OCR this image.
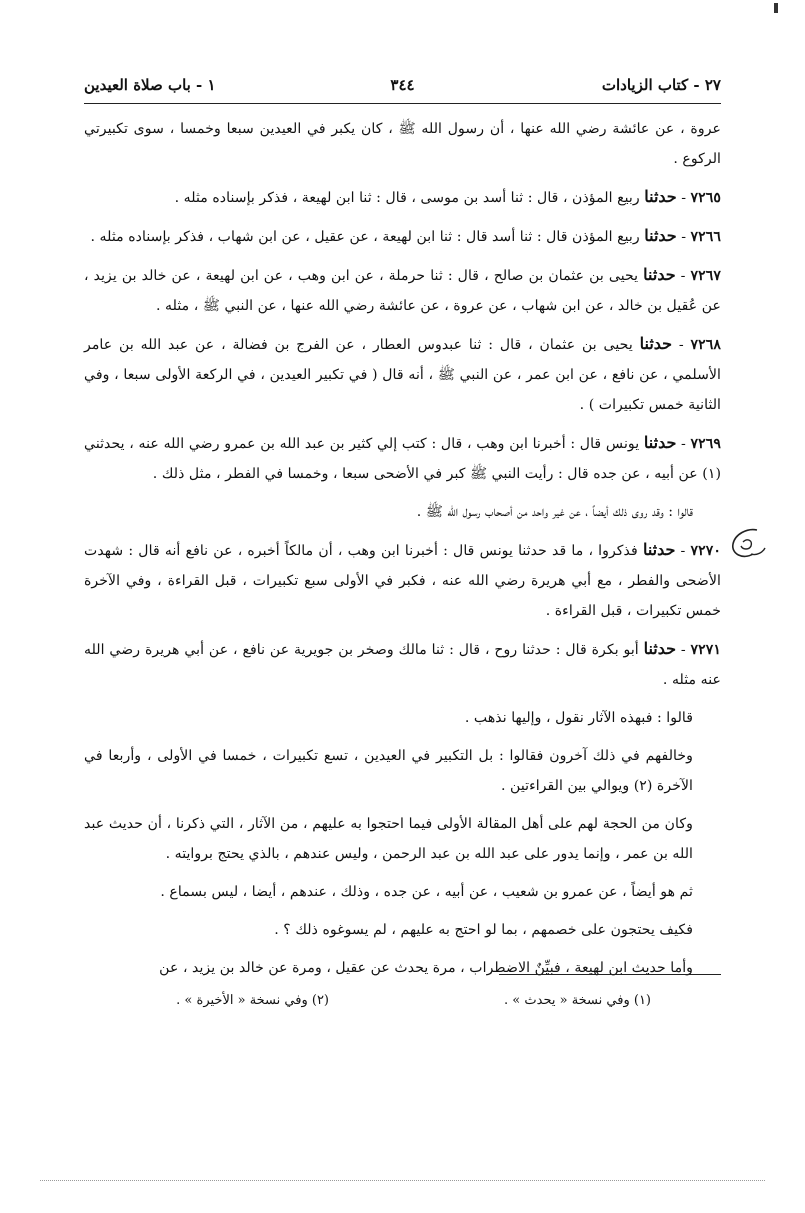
٢٧ - كتاب الزيادات
٣٤٤
١ - باب صلاة العيدين

عروة ، عن عائشة رضي الله عنها ، أن رسول الله ﷺ ، كان يكبر في العيدين سبعا وخمسا ، سوى تكبيرتي الركوع .

٧٢٦٥ - حدثنا ربيع المؤذن ، قال : ثنا أسد بن موسى ، قال : ثنا ابن لهيعة ، فذكر بإسناده مثله .

٧٢٦٦ - حدثنا ربيع المؤذن قال : ثنا أسد قال : ثنا ابن لهيعة ، عن عقيل ، عن ابن شهاب ، فذكر بإسناده مثله .

٧٢٦٧ - حدثنا يحيى بن عثمان بن صالح ، قال : ثنا حرملة ، عن ابن وهب ، عن ابن لهيعة ، عن خالد بن يزيد ، عن عُقيل بن خالد ، عن ابن شهاب ، عن عروة ، عن عائشة رضي الله عنها ، عن النبي ﷺ ، مثله .

٧٢٦٨ - حدثنا يحيى بن عثمان ، قال : ثنا عبدوس العطار ، عن الفرج بن فضالة ، عن عبد الله بن عامر الأسلمي ، عن نافع ، عن ابن عمر ، عن النبي ﷺ ، أنه قال ( في تكبير العيدين ، في الركعة الأولى سبعا ، وفي الثانية خمس تكبيرات ) .

٧٢٦٩ - حدثنا يونس قال : أخبرنا ابن وهب ، قال : كتب إلي كثير بن عبد الله بن عمرو رضي الله عنه ، يحدثني (١) عن أبيه ، عن جده قال : رأيت النبي ﷺ كبر في الأضحى سبعا ، وخمسا في الفطر ، مثل ذلك .

قالوا : وقد روى ذلك أيضاً ، عن غير واحد من أصحاب رسول الله ﷺ .

٧٢٧٠ - حدثنا فذكروا ، ما قد حدثنا يونس قال : أخبرنا ابن وهب ، أن مالكاً أخبره ، عن نافع أنه قال : شهدت الأضحى والفطر ، مع أبي هريرة رضي الله عنه ، فكبر في الأولى سبع تكبيرات ، قبل القراءة ، وفي الآخرة خمس تكبيرات ، قبل القراءة .

٧٢٧١ - حدثنا أبو بكرة قال : حدثنا روح ، قال : ثنا مالك وصخر بن جويرية عن نافع ، عن أبي هريرة رضي الله عنه مثله .

قالوا : فبهذه الآثار نقول ، وإليها نذهب .

وخالفهم في ذلك آخرون فقالوا : بل التكبير في العيدين ، تسع تكبيرات ، خمسا في الأولى ، وأربعا في الآخرة (٢) ويوالي بين القراءتين .

وكان من الحجة لهم على أهل المقالة الأولى فيما احتجوا به عليهم ، من الآثار ، التي ذكرنا ، أن حديث عبد الله بن عمر ، وإنما يدور على عبد الله بن عبد الرحمن ، وليس عندهم ، بالذي يحتج بروايته .

ثم هو أيضاً ، عن عمرو بن شعيب ، عن أبيه ، عن جده ، وذلك ، عندهم ، أيضا ، ليس بسماع .

فكيف يحتجون على خصمهم ، بما لو احتج به عليهم ، لم يسوغوه ذلك ؟ .

وأما حديث ابن لهيعة ، فبيِّنٌ الاضطراب ، مرة يحدث عن عقيل ، ومرة عن خالد بن يزيد ، عن

(١) وفي نسخة « يحدث » .
(٢) وفي نسخة « الأخيرة » .
